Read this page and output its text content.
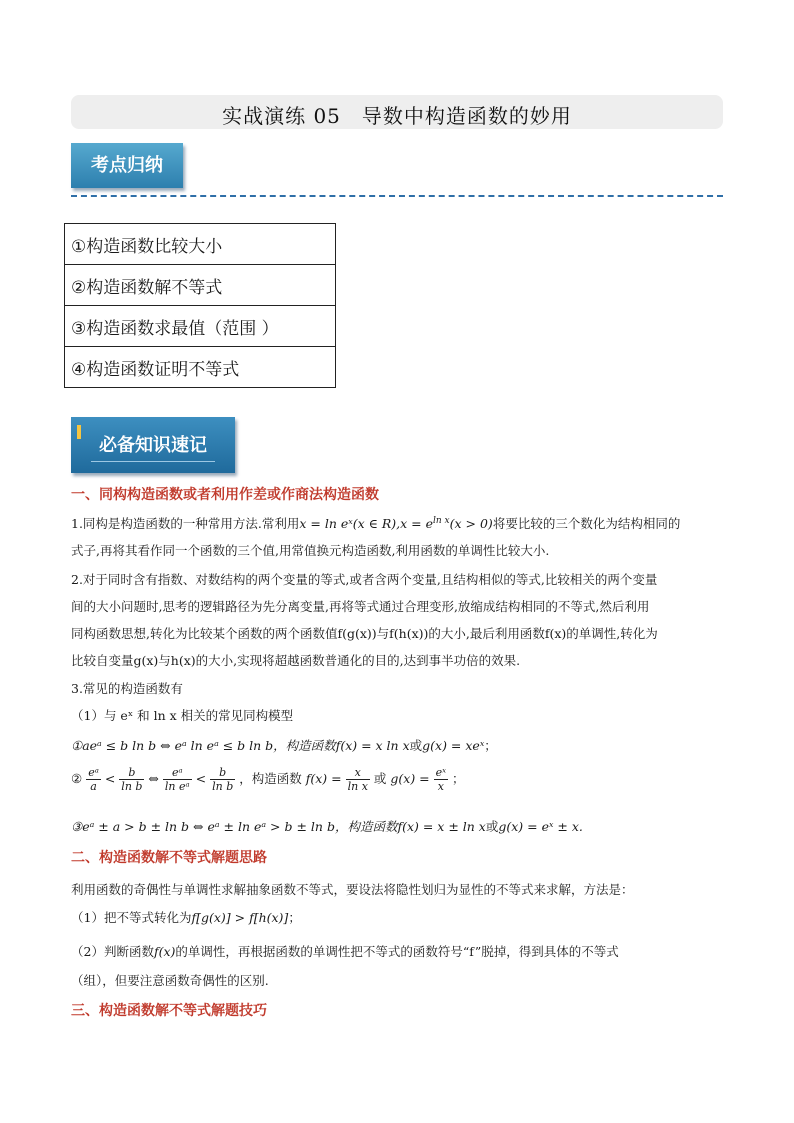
实战演练 05　导数中构造函数的妙用
考点归纳
①构造函数比较大小
②构造函数解不等式
③构造函数求最值（范围 ）
④构造函数证明不等式
必备知识速记
一、同构构造函数或者利用作差或作商法构造函数
1.同构是构造函数的一种常用方法.常利用x = ln eˣ(x ∈ $R),x = e^{ln x}(x > 0)$将要比较的三个数化为结构相同的
式子,再将其看作同一个函数的三个值,用常值换元构造函数,利用函数的单调性比较大小.
2.对于同时含有指数、对数结构的两个变量的等式,或者含两个变量,且结构相似的等式,比较相关的两个变量
间的大小问题时,思考的逻辑路径为先分离变量,再将等式通过合理变形,放缩成结构相同的不等式,然后利用
同构函数思想,转化为比较某个函数的两个函数值f(g(x))与f(h(x))的大小,最后利用函数f(x)的单调性,转化为
比较自变量g(x)与h(x)的大小,实现将超越函数普通化的目的,达到事半功倍的效果.
3.常见的构造函数有
（1）与 eˣ 和 ln x 相关的常见同构模型
①aeᵃ ≤ b ln b ⇔ eᵃ ln eᵃ ≤ b ln b，构造函数f(x) = x ln x或g(x) = xeˣ；
② $\frac{\text{eᵃ}}{a} < \frac{b}{\text{ln b}}$ ⇔ $\frac{\text{eᵃ}}{\text{ln eᵃ}} < \frac{b}{\text{ln b}}$ ，构造函数 $f(x) = \frac{x}{\text{ln x}}$ 或 $g(x) = \frac{\text{eˣ}}{x}$ ；
③eᵃ ± a > b ± ln b ⇔ eᵃ ± ln eᵃ > b ± ln b，构造函数f(x) = x ± ln x或g(x) = eˣ ± x.
二、构造函数解不等式解题思路
利用函数的奇偶性与单调性求解抽象函数不等式，要设法将隐性划归为显性的不等式来求解，方法是：
（1）把不等式转化为f[g(x)] > f[h(x)]；
（2）判断函数f(x)的单调性，再根据函数的单调性把不等式的函数符号“f”脱掉，得到具体的不等式
（组），但要注意函数奇偶性的区别.
三、构造函数解不等式解题技巧
